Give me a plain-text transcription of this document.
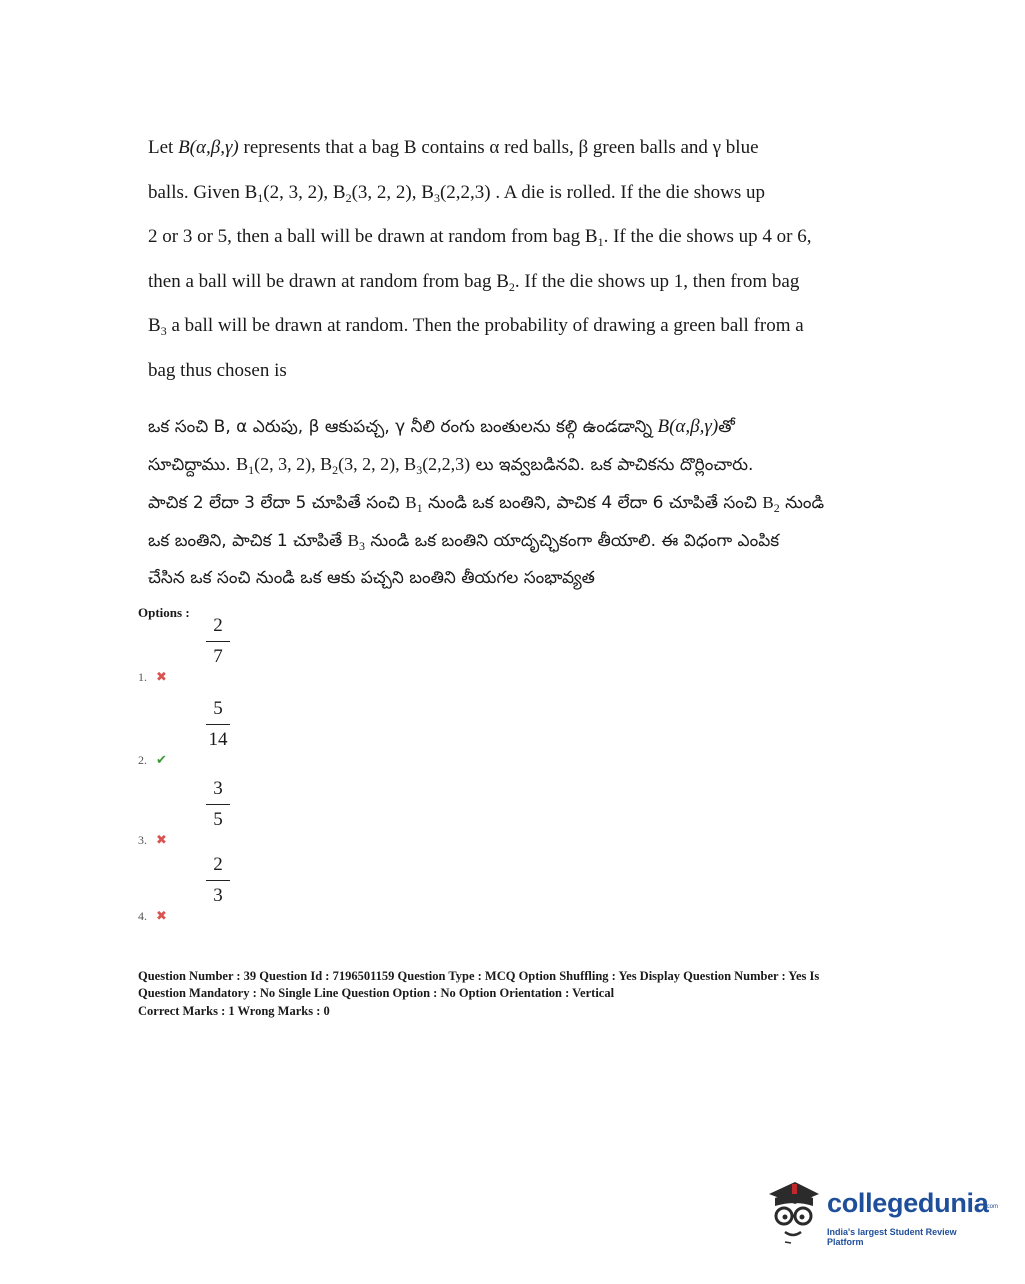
Let B(α,β,γ) represents that a bag B contains α red balls, β green balls and γ blue

balls. Given $B_1(2$, 3, 2), $B_2(3$, 2, 2), $B_3(2,2,3)$ . A die is rolled. If the die shows up

2 or 3 or 5, then a ball will be drawn at random from bag $B_1$. If the die shows up 4 or 6,

then a ball will be drawn at random from bag $B_2$. If the die shows up 1, then from bag

$B_3$ a ball will be drawn at random. Then the probability of drawing a green ball from a

bag thus chosen is

ఒక సంచి B, α ఎరుపు, β ఆకుపచ్చ, γ నీలి రంగు బంతులను కల్గి ఉండడాన్ని B(α,β,γ)తో

సూచిద్దాము. $B_1(2$, 3, 2), $B_2(3$, 2, 2), $B_3(2,2,3)$ లు ఇవ్వబడినవి. ఒక పాచికను దొర్లించారు.

పాచిక 2 లేదా 3 లేదా 5 చూపితే సంచి $B_1$ నుండి ఒక బంతిని, పాచిక 4 లేదా 6 చూపితే సంచి $B_2$ నుండి

ఒక బంతిని, పాచిక 1 చూపితే $B_3$ నుండి ఒక బంతిని యాదృచ్ఛికంగా తీయాలి. ఈ విధంగా ఎంపిక

చేసిన ఒక సంచి నుండి ఒక ఆకు పచ్చని బంతిని తీయగల సంభావ్యత

Options :
2
7
1. ✖
5
14
2. ✔
3
5
3. ✖
2
3
4. ✖

Question Number : 39 Question Id : 7196501159 Question Type : MCQ Option Shuffling : Yes Display Question Number : Yes Is

Question Mandatory : No Single Line Question Option : No Option Orientation : Vertical

Correct Marks : 1 Wrong Marks : 0

collegedunia
.com
India's largest Student Review Platform
